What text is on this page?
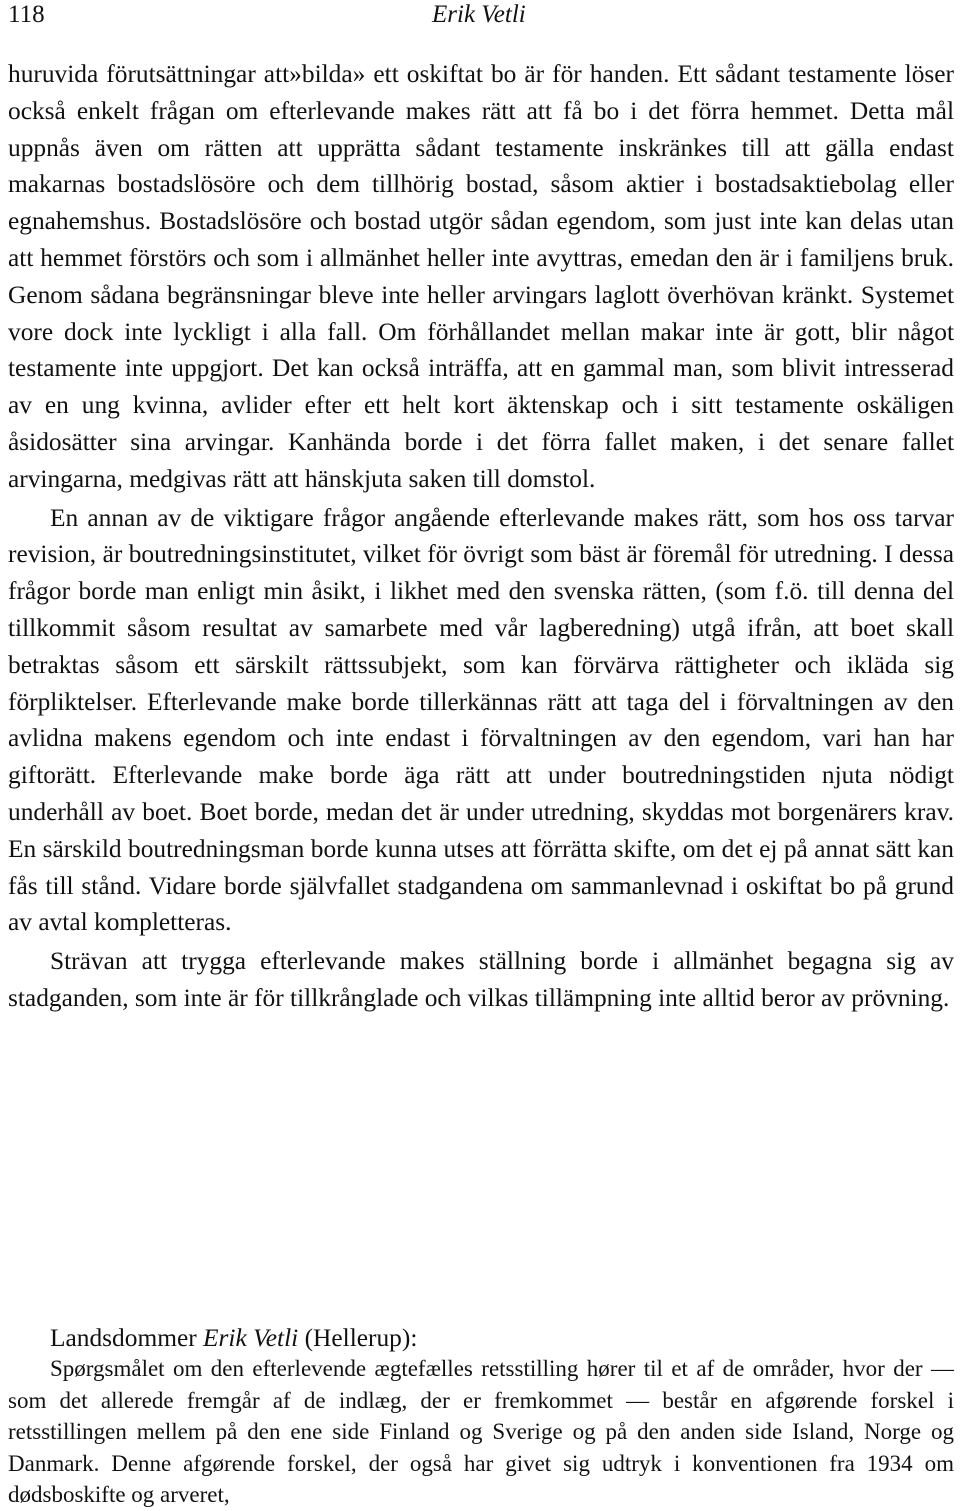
118	Erik Vetli

huruvida förutsättningar att»bilda» ett oskiftat bo är för handen. Ett sådant testamente löser också enkelt frågan om efterlevande makes rätt att få bo i det förra hemmet. Detta mål uppnås även om rätten att upprätta sådant testamente inskränkes till att gälla endast makarnas bostadslösöre och dem tillhörig bostad, såsom aktier i bostadsaktiebolag eller egnahemshus. Bostadslösöre och bostad utgör sådan egendom, som just inte kan delas utan att hemmet förstörs och som i allmänhet heller inte avyttras, emedan den är i familjens bruk. Genom sådana begränsningar bleve inte heller arvingars laglott överhövan kränkt. Systemet vore dock inte lyckligt i alla fall. Om förhållandet mellan makar inte är gott, blir något testamente inte uppgjort. Det kan också inträffa, att en gammal man, som blivit intresserad av en ung kvinna, avlider efter ett helt kort äktenskap och i sitt testamente oskäligen åsidosätter sina arvingar. Kanhända borde i det förra fallet maken, i det senare fallet arvingarna, medgivas rätt att hänskjuta saken till domstol.

En annan av de viktigare frågor angående efterlevande makes rätt, som hos oss tarvar revision, är boutredningsinstitutet, vilket för övrigt som bäst är föremål för utredning. I dessa frågor borde man enligt min åsikt, i likhet med den svenska rätten, (som f.ö. till denna del tillkommit såsom resultat av samarbete med vår lagberedning) utgå ifrån, att boet skall betraktas såsom ett särskilt rättssubjekt, som kan förvärva rättigheter och ikläda sig förpliktelser. Efterlevande make borde tillerkännas rätt att taga del i förvaltningen av den avlidna makens egendom och inte endast i förvaltningen av den egendom, vari han har giftorätt. Efterlevande make borde äga rätt att under boutredningstiden njuta nödigt underhåll av boet. Boet borde, medan det är under utredning, skyddas mot borgenärers krav. En särskild boutredningsman borde kunna utses att förrätta skifte, om det ej på annat sätt kan fås till stånd. Vidare borde självfallet stadgandena om sammanlevnad i oskiftat bo på grund av avtal kompletteras.

Strävan att trygga efterlevande makes ställning borde i allmänhet begagna sig av stadganden, som inte är för tillkrånglade och vilkas tillämpning inte alltid beror av prövning.

Landsdommer Erik Vetli (Hellerup):

Spørgsmålet om den efterlevende ægtefælles retsstilling hører til et af de områder, hvor der — som det allerede fremgår af de indlæg, der er fremkommet — består en afgørende forskel i retsstillingen mellem på den ene side Finland og Sverige og på den anden side Island, Norge og Danmark. Denne afgørende forskel, der også har givet sig udtryk i konventionen fra 1934 om dødsboskifte og arveret,
